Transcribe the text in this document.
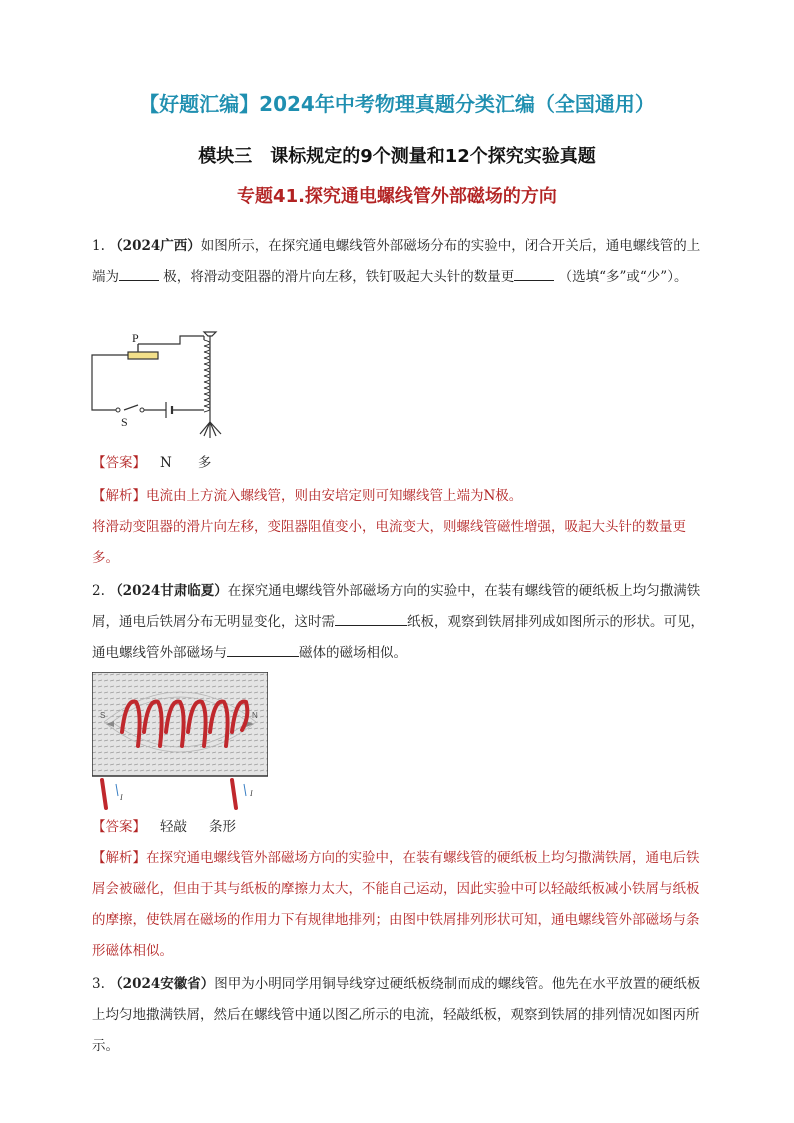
【好题汇编】2024年中考物理真题分类汇编（全国通用）
模块三　课标规定的9个测量和12个探究实验真题
专题41.探究通电螺线管外部磁场的方向
1. （2024广西）如图所示，在探究通电螺线管外部磁场分布的实验中，闭合开关后，通电螺线管的上端为	极，将滑动变阻器的滑片向左移，铁钉吸起大头针的数量更	（选填“多”或“少”）。
P
S
【答案】 N 多
【解析】电流由上方流入螺线管，则由安培定则可知螺线管上端为N极。
将滑动变阻器的滑片向左移，变阻器阻值变小，电流变大，则螺线管磁性增强，吸起大头针的数量更多。
2. （2024甘肃临夏）在探究通电螺线管外部磁场方向的实验中，在装有螺线管的硬纸板上均匀撒满铁屑，通电后铁屑分布无明显变化，这时需	纸板，观察到铁屑排列成如图所示的形状。可见，通电螺线管外部磁场与	磁体的磁场相似。
S	N
I	I
【答案】 轻敲 条形
【解析】在探究通电螺线管外部磁场方向的实验中，在装有螺线管的硬纸板上均匀撒满铁屑，通电后铁屑会被磁化，但由于其与纸板的摩擦力太大，不能自己运动，因此实验中可以轻敲纸板减小铁屑与纸板的摩擦，使铁屑在磁场的作用力下有规律地排列；由图中铁屑排列形状可知，通电螺线管外部磁场与条形磁体相似。
3. （2024安徽省）图甲为小明同学用铜导线穿过硬纸板绕制而成的螺线管。他先在水平放置的硬纸板上均匀地撒满铁屑，然后在螺线管中通以图乙所示的电流，轻敲纸板，观察到铁屑的排列情况如图丙所示。
